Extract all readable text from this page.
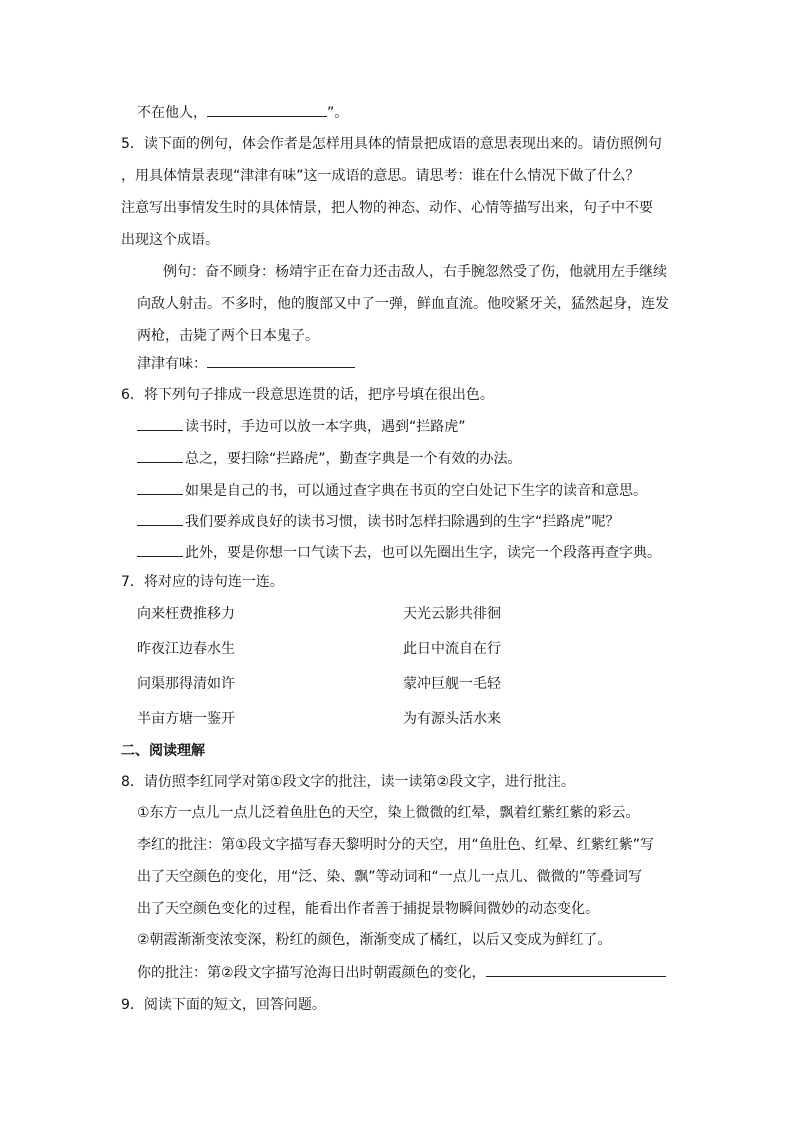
不在他人，	”。
5．读下面的例句，体会作者是怎样用具体的情景把成语的意思表现出来的。请仿照例句
，用具体情景表现“津津有味”这一成语的意思。请思考：谁在什么情况下做了什么？
注意写出事情发生时的具体情景，把人物的神态、动作、心情等描写出来，句子中不要
出现这个成语。
例句：奋不顾身：杨靖宇正在奋力还击敌人，右手腕忽然受了伤，他就用左手继续
向敌人射击。不多时，他的腹部又中了一弹，鲜血直流。他咬紧牙关，猛然起身，连发
两枪，击毙了两个日本鬼子。
津津有味：
6．将下列句子排成一段意思连贯的话，把序号填在很出色。
读书时，手边可以放一本字典，遇到“拦路虎”
总之，要扫除“拦路虎”，勤查字典是一个有效的办法。
如果是自己的书，可以通过查字典在书页的空白处记下生字的读音和意思。
我们要养成良好的读书习惯，读书时怎样扫除遇到的生字“拦路虎”呢？
此外，要是你想一口气读下去，也可以先圈出生字，读完一个段落再查字典。
7．将对应的诗句连一连。
向来枉费推移力	天光云影共徘徊
昨夜江边春水生	此日中流自在行
问渠那得清如许	蒙冲巨舰一毛轻
半亩方塘一鉴开	为有源头活水来
二、阅读理解
8．请仿照李红同学对第①段文字的批注，读一读第②段文字，进行批注。
①东方一点儿一点儿泛着鱼肚色的天空，染上微微的红晕，飘着红紫红紫的彩云。
李红的批注：第①段文字描写春天黎明时分的天空，用“鱼肚色、红晕、红紫红紫”写
出了天空颜色的变化，用“泛、染、飘”等动词和“一点儿一点儿、微微的”等叠词写
出了天空颜色变化的过程，能看出作者善于捕捉景物瞬间微妙的动态变化。
②朝霞渐渐变浓变深，粉红的颜色，渐渐变成了橘红，以后又变成为鲜红了。
你的批注：第②段文字描写沧海日出时朝霞颜色的变化，
9．阅读下面的短文，回答问题。
